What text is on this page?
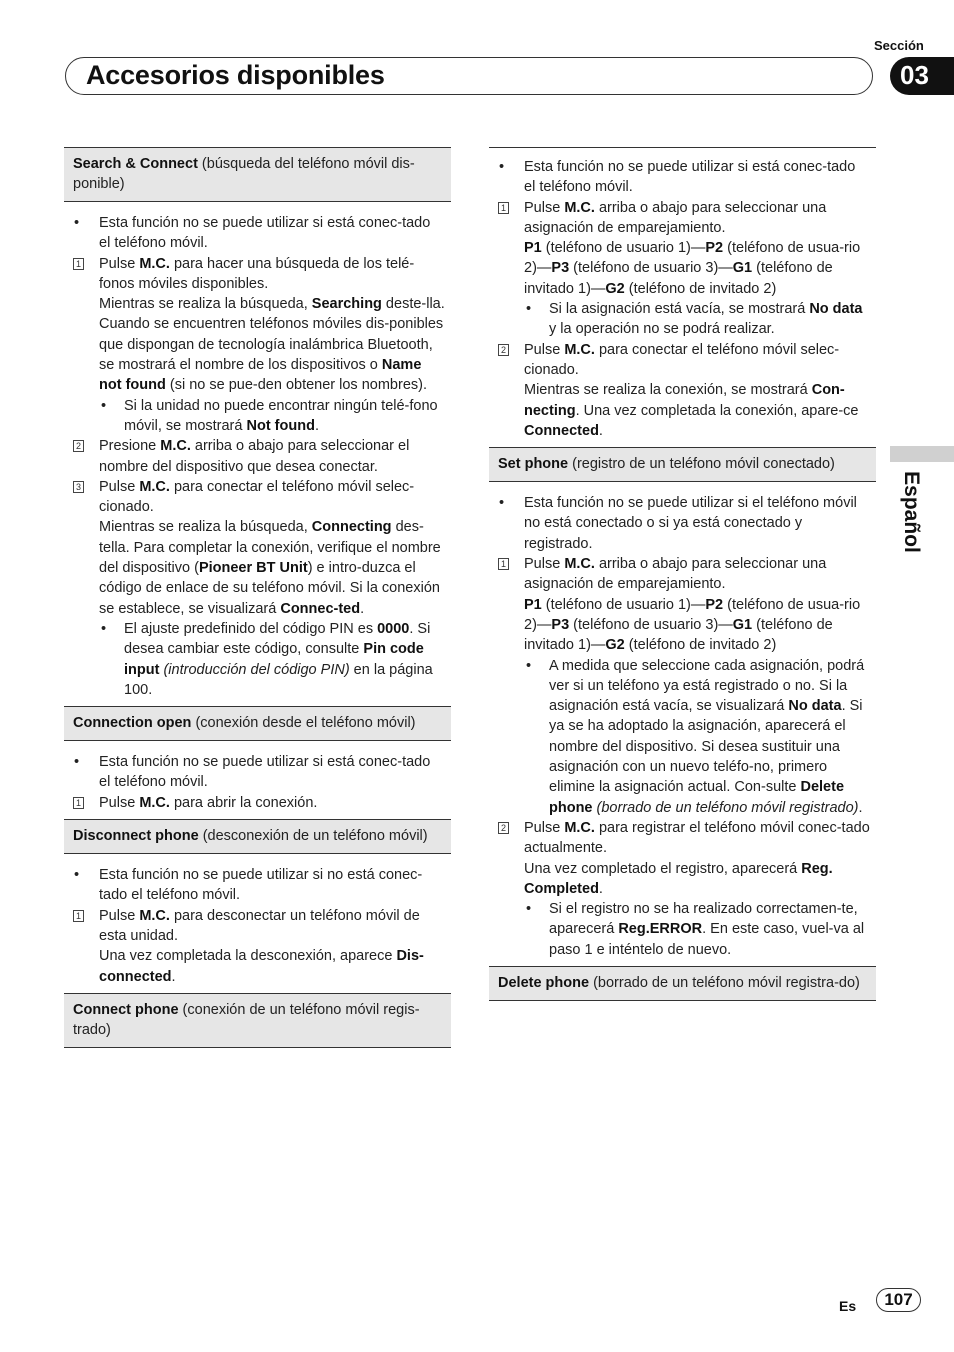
Sección
Accesorios disponibles	03
Español
Search & Connect (búsqueda del teléfono móvil dis-ponible)
• Esta función no se puede utilizar si está conec-tado el teléfono móvil.
1 Pulse M.C. para hacer una búsqueda de los telé-fonos móviles disponibles.
Mientras se realiza la búsqueda, Searching deste-lla. Cuando se encuentren teléfonos móviles dis-ponibles que dispongan de tecnología inalámbrica Bluetooth, se mostrará el nombre de los dispositivos o Name not found (si no se pue-den obtener los nombres).
• Si la unidad no puede encontrar ningún telé-fono móvil, se mostrará Not found.
2 Presione M.C. arriba o abajo para seleccionar el nombre del dispositivo que desea conectar.
3 Pulse M.C. para conectar el teléfono móvil selec-cionado.
Mientras se realiza la búsqueda, Connecting des-tella. Para completar la conexión, verifique el nombre del dispositivo (Pioneer BT Unit) e intro-duzca el código de enlace de su teléfono móvil. Si la conexión se establece, se visualizará Connec-ted.
• El ajuste predefinido del código PIN es 0000. Si desea cambiar este código, consulte Pin code input (introducción del código PIN) en la página 100.
Connection open (conexión desde el teléfono móvil)
• Esta función no se puede utilizar si está conec-tado el teléfono móvil.
1 Pulse M.C. para abrir la conexión.
Disconnect phone (desconexión de un teléfono móvil)
• Esta función no se puede utilizar si no está conec-tado el teléfono móvil.
1 Pulse M.C. para desconectar un teléfono móvil de esta unidad.
Una vez completada la desconexión, aparece Dis-connected.
Connect phone (conexión de un teléfono móvil regis-trado)
• Esta función no se puede utilizar si está conec-tado el teléfono móvil.
1 Pulse M.C. arriba o abajo para seleccionar una asignación de emparejamiento.
P1 (teléfono de usuario 1)—P2 (teléfono de usua-rio 2)—P3 (teléfono de usuario 3)—G1 (teléfono de invitado 1)—G2 (teléfono de invitado 2)
• Si la asignación está vacía, se mostrará No data y la operación no se podrá realizar.
2 Pulse M.C. para conectar el teléfono móvil selec-cionado.
Mientras se realiza la conexión, se mostrará Con-necting. Una vez completada la conexión, apare-ce Connected.
Set phone (registro de un teléfono móvil conectado)
• Esta función no se puede utilizar si el teléfono móvil no está conectado o si ya está conectado y registrado.
1 Pulse M.C. arriba o abajo para seleccionar una asignación de emparejamiento.
P1 (teléfono de usuario 1)—P2 (teléfono de usua-rio 2)—P3 (teléfono de usuario 3)—G1 (teléfono de invitado 1)—G2 (teléfono de invitado 2)
• A medida que seleccione cada asignación, podrá ver si un teléfono ya está registrado o no. Si la asignación está vacía, se visualizará No data. Si ya se ha adoptado la asignación, aparecerá el nombre del dispositivo. Si desea sustituir una asignación con un nuevo teléfo-no, primero elimine la asignación actual. Con-sulte Delete phone (borrado de un teléfono móvil registrado).
2 Pulse M.C. para registrar el teléfono móvil conec-tado actualmente.
Una vez completado el registro, aparecerá Reg. Completed.
• Si el registro no se ha realizado correctamen-te, aparecerá Reg.ERROR. En este caso, vuel-va al paso 1 e inténtelo de nuevo.
Delete phone (borrado de un teléfono móvil registra-do)
Es	107
